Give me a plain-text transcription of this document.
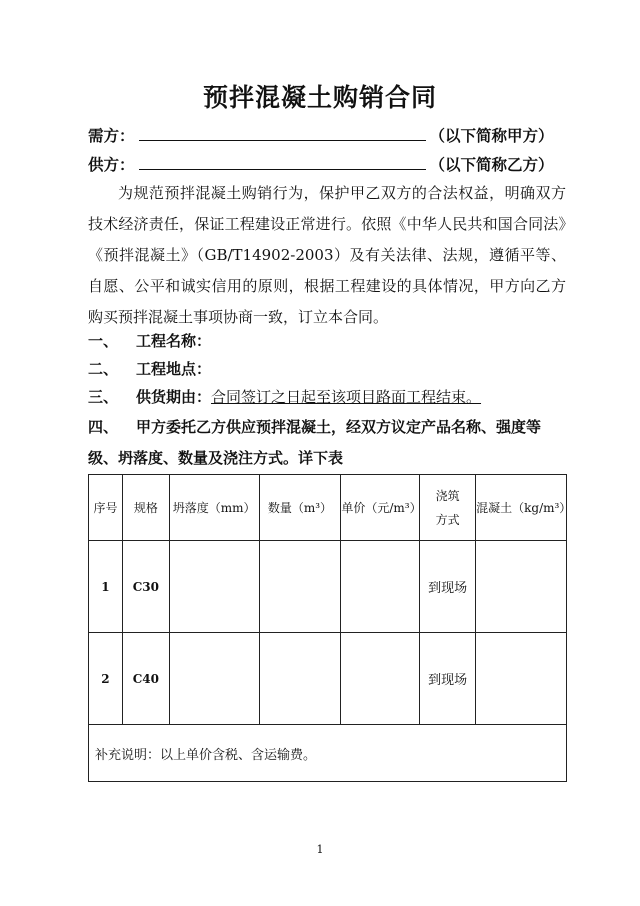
预拌混凝土购销合同
需方：	（以下简称甲方）
供方：	（以下简称乙方）
为规范预拌混凝土购销行为，保护甲乙双方的合法权益，明确双方技术经济责任，保证工程建设正常进行。依照《中华人民共和国合同法》《预拌混凝土》（GB/T14902-2003）及有关法律、法规，遵循平等、自愿、公平和诚实信用的原则，根据工程建设的具体情况，甲方向乙方购买预拌混凝土事项协商一致，订立本合同。
一、 工程名称：
二、 工程地点：
三、 供货期由：合同签订之日起至该项目路面工程结束。
四、 甲方委托乙方供应预拌混凝土，经双方议定产品名称、强度等级、坍落度、数量及浇注方式。详下表
序号	规格	坍落度（mm）	数量（m³）	单价（元/m³）	浇筑方式	混凝土（kg/m³）
1	C30				到现场	
2	C40				到现场	
补充说明：以上单价含税、含运输费。						
1
